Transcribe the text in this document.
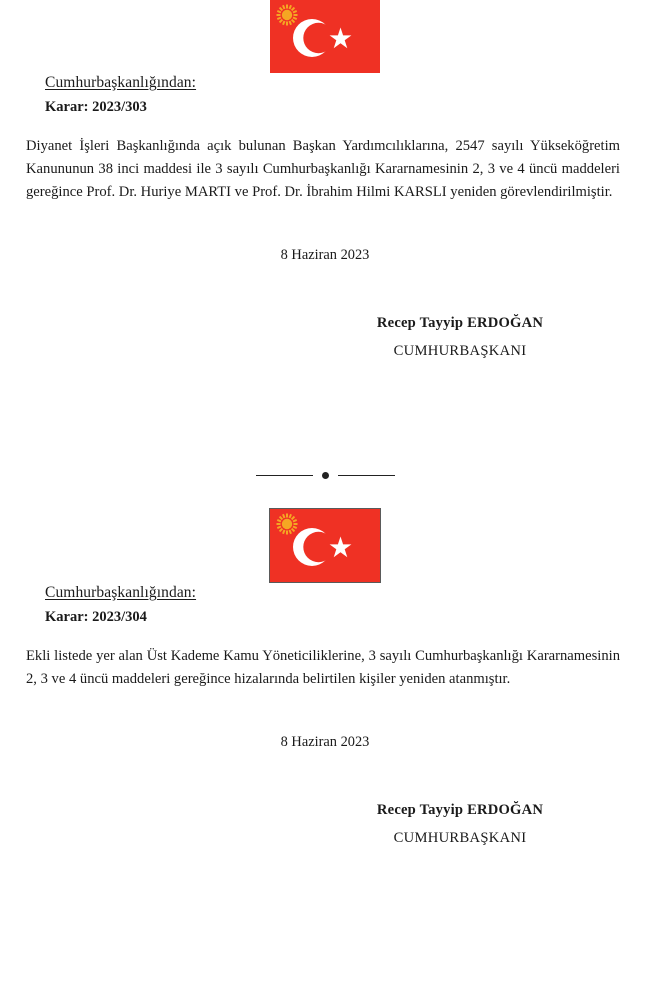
Cumhurbaşkanlığından:

Karar: 2023/303

Diyanet İşleri Başkanlığında açık bulunan Başkan Yardımcılıklarına, 2547 sayılı Yükseköğretim Kanununun 38 inci maddesi ile 3 sayılı Cumhurbaşkanlığı Kararnamesinin 2, 3 ve 4 üncü maddeleri gereğince Prof. Dr. Huriye MARTI ve Prof. Dr. İbrahim Hilmi KARSLI yeniden görevlendirilmiştir.

8 Haziran 2023

Recep Tayyip ERDOĞAN

CUMHURBAŞKANI

Cumhurbaşkanlığından:

Karar: 2023/304

Ekli listede yer alan Üst Kademe Kamu Yöneticiliklerine, 3 sayılı Cumhurbaşkanlığı Kararnamesinin 2, 3 ve 4 üncü maddeleri gereğince hizalarında belirtilen kişiler yeniden atanmıştır.

8 Haziran 2023

Recep Tayyip ERDOĞAN

CUMHURBAŞKANI
